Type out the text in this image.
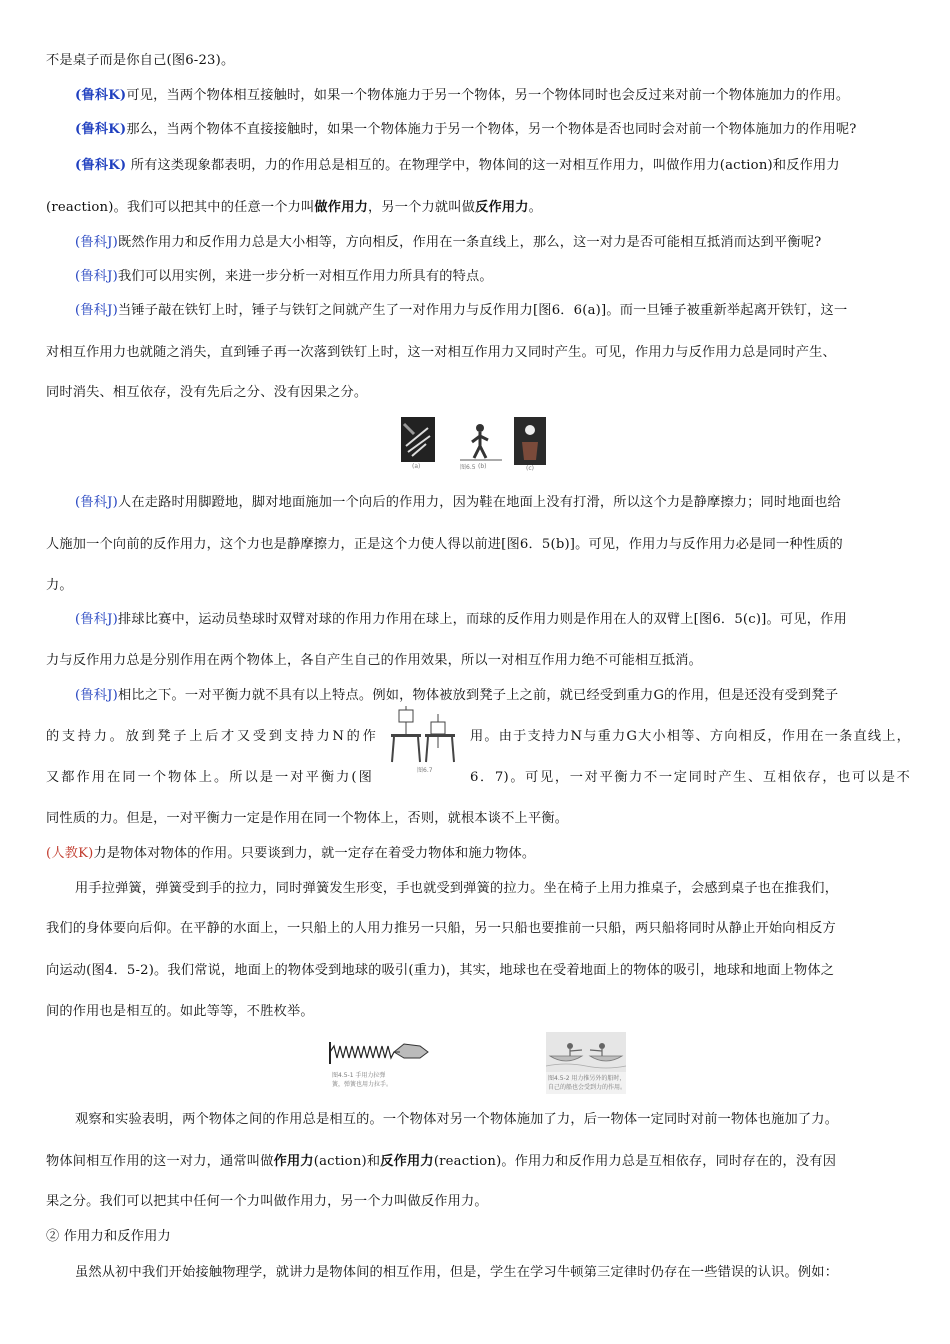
不是桌子而是你自己(图6-23)。
(鲁科K)可见，当两个物体相互接触时，如果一个物体施力于另一个物体，另一个物体同时也会反过来对前一个物体施加力的作用。
(鲁科K)那么，当两个物体不直接接触时，如果一个物体施力于另一个物体，另一个物体是否也同时会对前一个物体施加力的作用呢?
(鲁科K) 所有这类现象都表明，力的作用总是相互的。在物理学中，物体间的这一对相互作用力，叫做作用力(action)和反作用力
(reaction)。我们可以把其中的任意一个力叫做作用力，另一个力就叫做反作用力。
(鲁科J)既然作用力和反作用力总是大小相等，方向相反，作用在一条直线上，那么，这一对力是否可能相互抵消而达到平衡呢?
(鲁科J)我们可以用实例，来进一步分析一对相互作用力所具有的特点。
(鲁科J)当锤子敲在铁钉上时，锤子与铁钉之间就产生了一对作用力与反作用力[图6．6(a)]。而一旦锤子被重新举起离开铁钉，这一
对相互作用力也就随之消失，直到锤子再一次落到铁钉上时，这一对相互作用力又同时产生。可见，作用力与反作用力总是同时产生、
同时消失、相互依存，没有先后之分、没有因果之分。
(a)	(b)	(c)
图6.5
(鲁科J)人在走路时用脚蹬地，脚对地面施加一个向后的作用力，因为鞋在地面上没有打滑，所以这个力是静摩擦力；同时地面也给
人施加一个向前的反作用力，这个力也是静摩擦力，正是这个力使人得以前进[图6．5(b)]。可见，作用力与反作用力必是同一种性质的
力。
(鲁科J)排球比赛中，运动员垫球时双臂对球的作用力作用在球上，而球的反作用力则是作用在人的双臂上[图6．5(c)]。可见，作用
力与反作用力总是分别作用在两个物体上，各自产生自己的作用效果，所以一对相互作用力绝不可能相互抵消。
(鲁科J)相比之下。一对平衡力就不具有以上特点。例如，物体被放到凳子上之前，就已经受到重力G的作用，但是还没有受到凳子
的支持力。放到凳子上后才又受到支持力N的作	用。由于支持力N与重力G大小相等、方向相反，作用在一条直线上，
图6.7
又都作用在同一个物体上。所以是一对平衡力(图	6．7)。可见，一对平衡力不一定同时产生、互相依存，也可以是不
同性质的力。但是，一对平衡力一定是作用在同一个物体上，否则，就根本谈不上平衡。
(人教K)力是物体对物体的作用。只要谈到力，就一定存在着受力物体和施力物体。
用手拉弹簧，弹簧受到手的拉力，同时弹簧发生形变，手也就受到弹簧的拉力。坐在椅子上用力推桌子，会感到桌子也在推我们，
我们的身体要向后仰。在平静的水面上，一只船上的人用力推另一只船，另一只船也要推前一只船，两只船将同时从静止开始向相反方
向运动(图4．5-2)。我们常说，地面上的物体受到地球的吸引(重力)，其实，地球也在受着地面上的物体的吸引，地球和地面上物体之
间的作用也是相互的。如此等等，不胜枚举。
图4.5-1 手用力拉弹
簧，弹簧也用力拉手。
图4.5-2 用力推另外的船时，
自己的船也会受到力的作用。
观察和实验表明，两个物体之间的作用总是相互的。一个物体对另一个物体施加了力，后一物体一定同时对前一物体也施加了力。
物体间相互作用的这一对力，通常叫做作用力(action)和反作用力(reaction)。作用力和反作用力总是互相依存，同时存在的，没有因
果之分。我们可以把其中任何一个力叫做作用力，另一个力叫做反作用力。
② 作用力和反作用力
虽然从初中我们开始接触物理学，就讲力是物体间的相互作用，但是，学生在学习牛顿第三定律时仍存在一些错误的认识。例如：
